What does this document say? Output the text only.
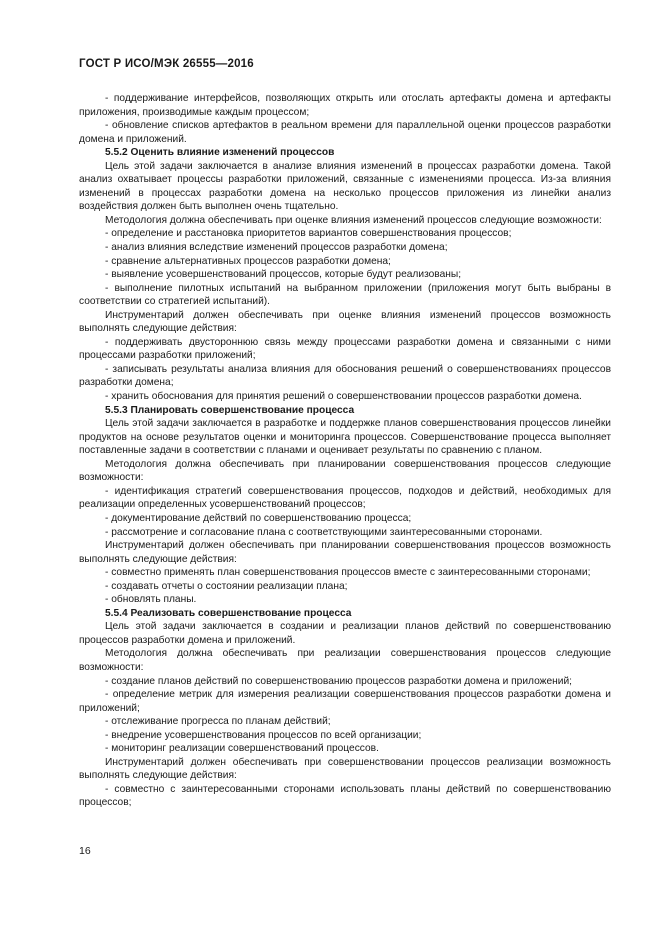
ГОСТ Р ИСО/МЭК 26555—2016

- поддерживание интерфейсов, позволяющих открыть или отослать артефакты домена и артефакты приложения, производимые каждым процессом;

- обновление списков артефактов в реальном времени для параллельной оценки процессов разработки домена и приложений.

5.5.2 Оценить влияние изменений процессов

Цель этой задачи заключается в анализе влияния изменений в процессах разработки домена. Такой анализ охватывает процессы разработки приложений, связанные с изменениями процесса. Из-за влияния изменений в процессах разработки домена на несколько процессов приложения из линейки анализ воздействия должен быть выполнен очень тщательно.

Методология должна обеспечивать при оценке влияния изменений процессов следующие возможности:

- определение и расстановка приоритетов вариантов совершенствования процессов;

- анализ влияния вследствие изменений процессов разработки домена;

- сравнение альтернативных процессов разработки домена;

- выявление усовершенствований процессов, которые будут реализованы;

- выполнение пилотных испытаний на выбранном приложении (приложения могут быть выбраны в соответствии со стратегией испытаний).

Инструментарий должен обеспечивать при оценке влияния изменений процессов возможность выполнять следующие действия:

- поддерживать двустороннюю связь между процессами разработки домена и связанными с ними процессами разработки приложений;

- записывать результаты анализа влияния для обоснования решений о совершенствованиях процессов разработки домена;

- хранить обоснования для принятия решений о совершенствовании процессов разработки домена.

5.5.3 Планировать совершенствование процесса

Цель этой задачи заключается в разработке и поддержке планов совершенствования процессов линейки продуктов на основе результатов оценки и мониторинга процессов. Совершенствование процесса выполняет поставленные задачи в соответствии с планами и оценивает результаты по сравнению с планом.

Методология должна обеспечивать при планировании совершенствования процессов следующие возможности:

- идентификация стратегий совершенствования процессов, подходов и действий, необходимых для реализации определенных усовершенствований процессов;

- документирование действий по совершенствованию процесса;

- рассмотрение и согласование плана с соответствующими заинтересованными сторонами.

Инструментарий должен обеспечивать при планировании совершенствования процессов возможность выполнять следующие действия:

- совместно применять план совершенствования процессов вместе с заинтересованными сторонами;

- создавать отчеты о состоянии реализации плана;

- обновлять планы.

5.5.4 Реализовать совершенствование процесса

Цель этой задачи заключается в создании и реализации планов действий по совершенствованию процессов разработки домена и приложений.

Методология должна обеспечивать при реализации совершенствования процессов следующие возможности:

- создание планов действий по совершенствованию процессов разработки домена и приложений;

- определение метрик для измерения реализации совершенствования процессов разработки домена и приложений;

- отслеживание прогресса по планам действий;

- внедрение усовершенствования процессов по всей организации;

- мониторинг реализации совершенствований процессов.

Инструментарий должен обеспечивать при совершенствовании процессов реализации возможность выполнять следующие действия:

- совместно с заинтересованными сторонами использовать планы действий по совершенствованию процессов;

16
